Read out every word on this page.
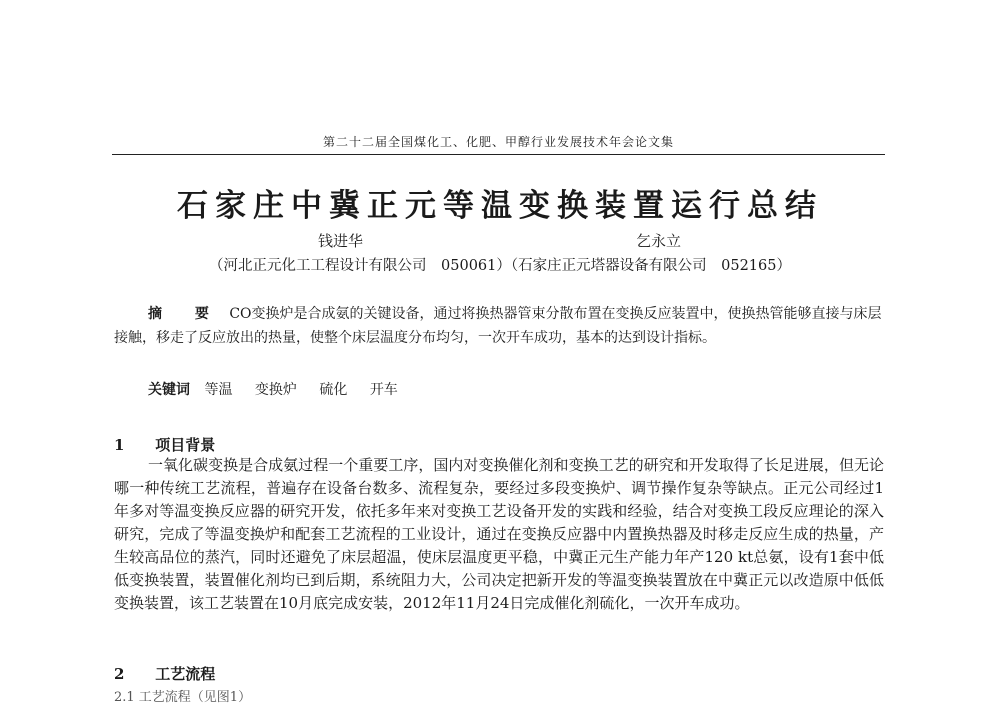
第二十二届全国煤化工、化肥、甲醇行业发展技术年会论文集
石家庄中冀正元等温变换装置运行总结
钱进华	乞永立
（河北正元化工工程设计有限公司　050061）（石家庄正元塔器设备有限公司　052165）
摘 要 CO变换炉是合成氨的关键设备，通过将换热器管束分散布置在变换反应装置中，使换热管能够直接与床层接触，移走了反应放出的热量，使整个床层温度分布均匀，一次开车成功，基本的达到设计指标。
关键词 等温 变换炉 硫化 开车
1 项目背景
一氧化碳变换是合成氨过程一个重要工序，国内对变换催化剂和变换工艺的研究和开发取得了长足进展，但无论哪一种传统工艺流程，普遍存在设备台数多、流程复杂，要经过多段变换炉、调节操作复杂等缺点。正元公司经过1年多对等温变换反应器的研究开发，依托多年来对变换工艺设备开发的实践和经验，结合对变换工段反应理论的深入研究，完成了等温变换炉和配套工艺流程的工业设计，通过在变换反应器中内置换热器及时移走反应生成的热量，产生较高品位的蒸汽，同时还避免了床层超温，使床层温度更平稳，中冀正元生产能力年产120 kt总氨，设有1套中低低变换装置，装置催化剂均已到后期，系统阻力大，公司决定把新开发的等温变换装置放在中冀正元以改造原中低低变换装置，该工艺装置在10月底完成安装，2012年11月24日完成催化剂硫化，一次开车成功。
2 工艺流程
2.1 工艺流程（见图1）
